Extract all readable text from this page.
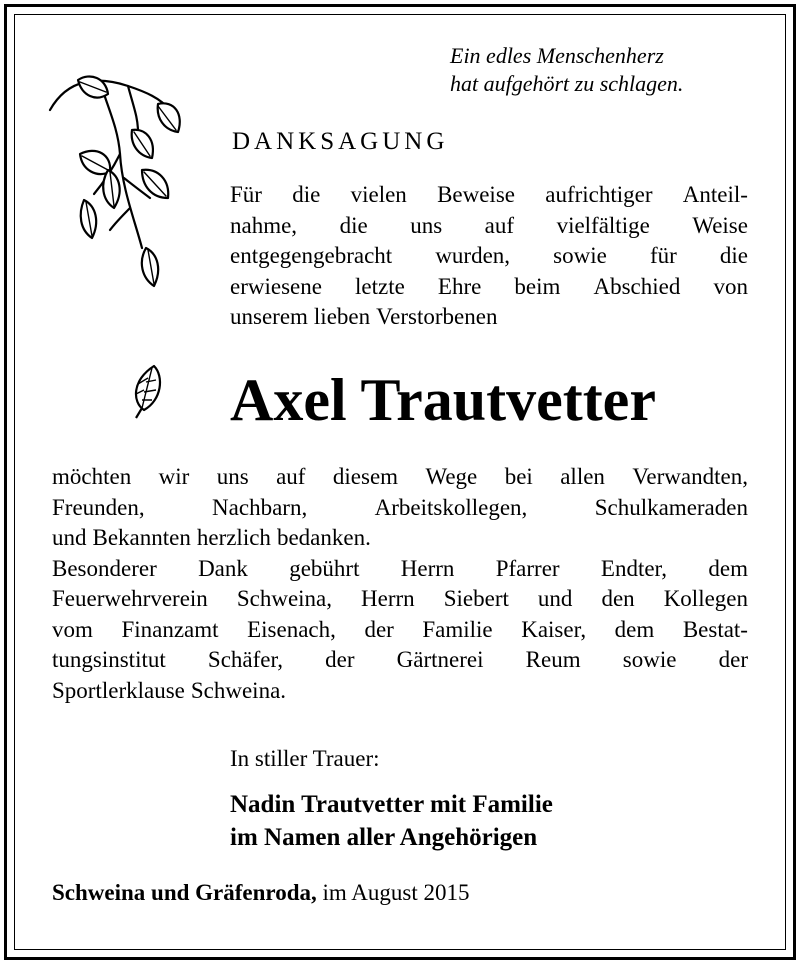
Ein edles Menschenherz
hat aufgehört zu schlagen.
DANKSAGUNG
Für die vielen Beweise aufrichtiger Anteil-
nahme, die uns auf vielfältige Weise
entgegengebracht wurden, sowie für die
erwiesene letzte Ehre beim Abschied von
unserem lieben Verstorbenen
Axel Trautvetter
möchten wir uns auf diesem Wege bei allen Verwandten,
Freunden,	Nachbarn,	Arbeitskollegen,	Schulkameraden
und Bekannten herzlich bedanken.
Besonderer Dank gebührt Herrn Pfarrer Endter, dem
Feuerwehrverein Schweina, Herrn Siebert und den Kollegen
vom Finanzamt Eisenach, der Familie Kaiser, dem Bestat-
tungsinstitut Schäfer, der Gärtnerei Reum sowie der
Sportlerklause Schweina.
In stiller Trauer:
Nadin Trautvetter mit Familie
im Namen aller Angehörigen
Schweina und Gräfenroda, im August 2015
